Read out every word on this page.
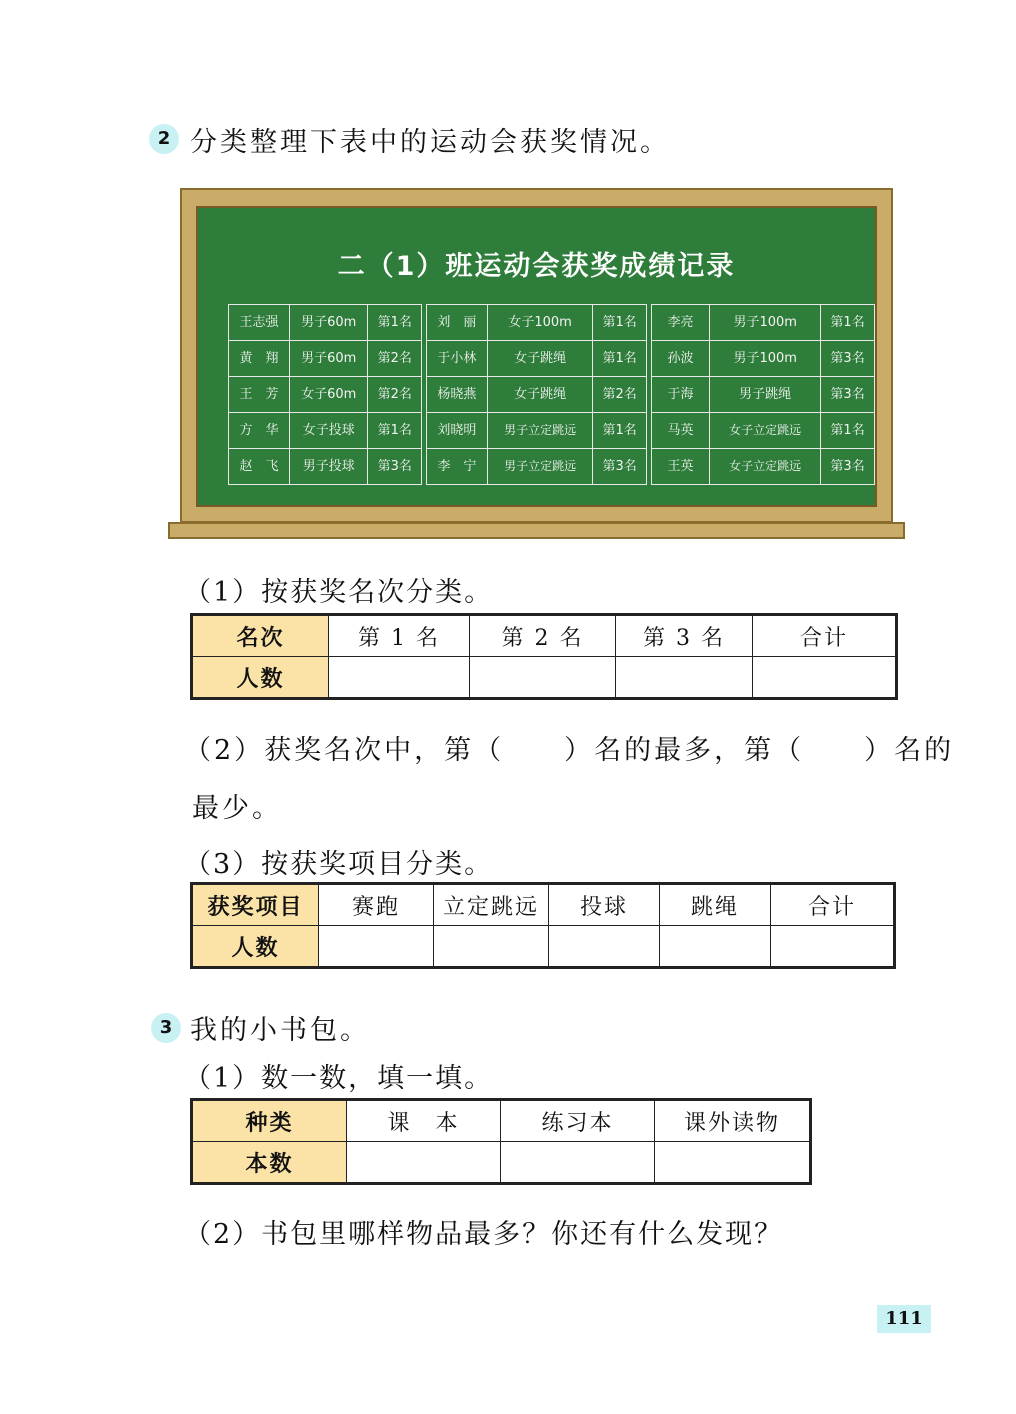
2 分类整理下表中的运动会获奖情况。
二（1）班运动会获奖成绩记录
王志强	男子60m	第1名		刘　丽	女子100m	第1名		李亮	男子100m	第1名
黄　翔	男子60m	第2名		于小林	女子跳绳	第1名		孙波	男子100m	第3名
王　芳	女子60m	第2名		杨晓燕	女子跳绳	第2名		于海	男子跳绳	第3名
方　华	女子投球	第1名		刘晓明	男子立定跳远	第1名		马英	女子立定跳远	第1名
赵　飞	男子投球	第3名		李　宁	男子立定跳远	第3名		王英	女子立定跳远	第3名
（1）按获奖名次分类。
名次	第 1 名	第 2 名	第 3 名	合计
人数				
（2）获奖名次中，第（　　）名的最多，第（　　）名的
最少。
（3）按获奖项目分类。
获奖项目	赛跑	立定跳远	投球	跳绳	合计
人数					
3 我的小书包。
（1）数一数，填一填。
种类	课　本	练习本	课外读物
本数			
（2）书包里哪样物品最多？你还有什么发现？
111
